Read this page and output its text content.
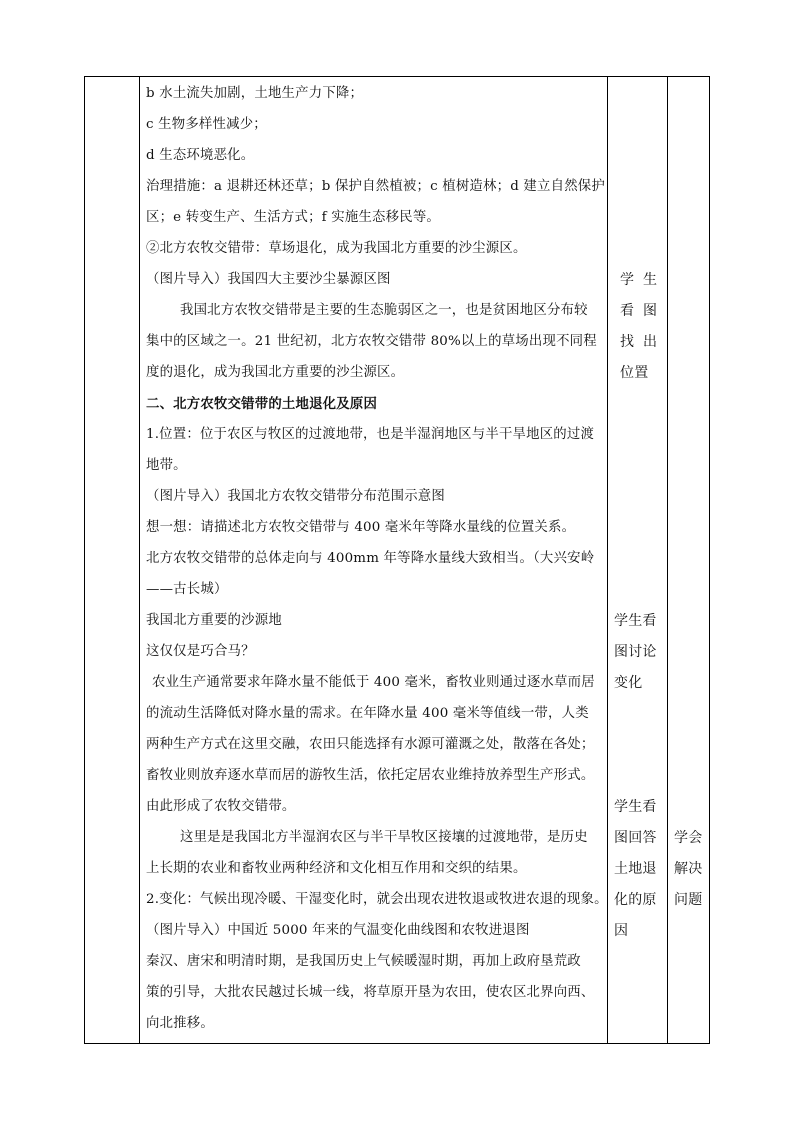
b 水土流失加剧，土地生产力下降；
c 生物多样性减少；
d 生态环境恶化。
治理措施：a 退耕还林还草；b 保护自然植被；c 植树造林；d 建立自然保护
区；e 转变生产、生活方式；f 实施生态移民等。
②北方农牧交错带：草场退化，成为我国北方重要的沙尘源区。
（图片导入）我国四大主要沙尘暴源区图
我国北方农牧交错带是主要的生态脆弱区之一，也是贫困地区分布较
集中的区域之一。21 世纪初，北方农牧交错带 80%以上的草场出现不同程
度的退化，成为我国北方重要的沙尘源区。
二、北方农牧交错带的土地退化及原因
1.位置：位于农区与牧区的过渡地带，也是半湿润地区与半干旱地区的过渡
地带。
（图片导入）我国北方农牧交错带分布范围示意图
想一想：请描述北方农牧交错带与 400 毫米年等降水量线的位置关系。
北方农牧交错带的总体走向与 400mm 年等降水量线大致相当。（大兴安岭
——古长城）
我国北方重要的沙源地
这仅仅是巧合马？
农业生产通常要求年降水量不能低于 400 毫米，畜牧业则通过逐水草而居
的流动生活降低对降水量的需求。在年降水量 400 毫米等值线一带，人类
两种生产方式在这里交融，农田只能选择有水源可灌溉之处，散落在各处；
畜牧业则放弃逐水草而居的游牧生活，依托定居农业维持放养型生产形式。
由此形成了农牧交错带。
这里是是我国北方半湿润农区与半干旱牧区接壤的过渡地带，是历史
上长期的农业和畜牧业两种经济和文化相互作用和交织的结果。
2.变化：气候出现冷暖、干湿变化时，就会出现农进牧退或牧进农退的现象。
（图片导入）中国近 5000 年来的气温变化曲线图和农牧进退图
秦汉、唐宋和明清时期，是我国历史上气候暖湿时期，再加上政府垦荒政
策的引导，大批农民越过长城一线，将草原开垦为农田，使农区北界向西、
向北推移。
学生
看图
找出
位置
学生看
图讨论
变化
学生看
图回答
土地退
化的原
因
学会
解决
问题
